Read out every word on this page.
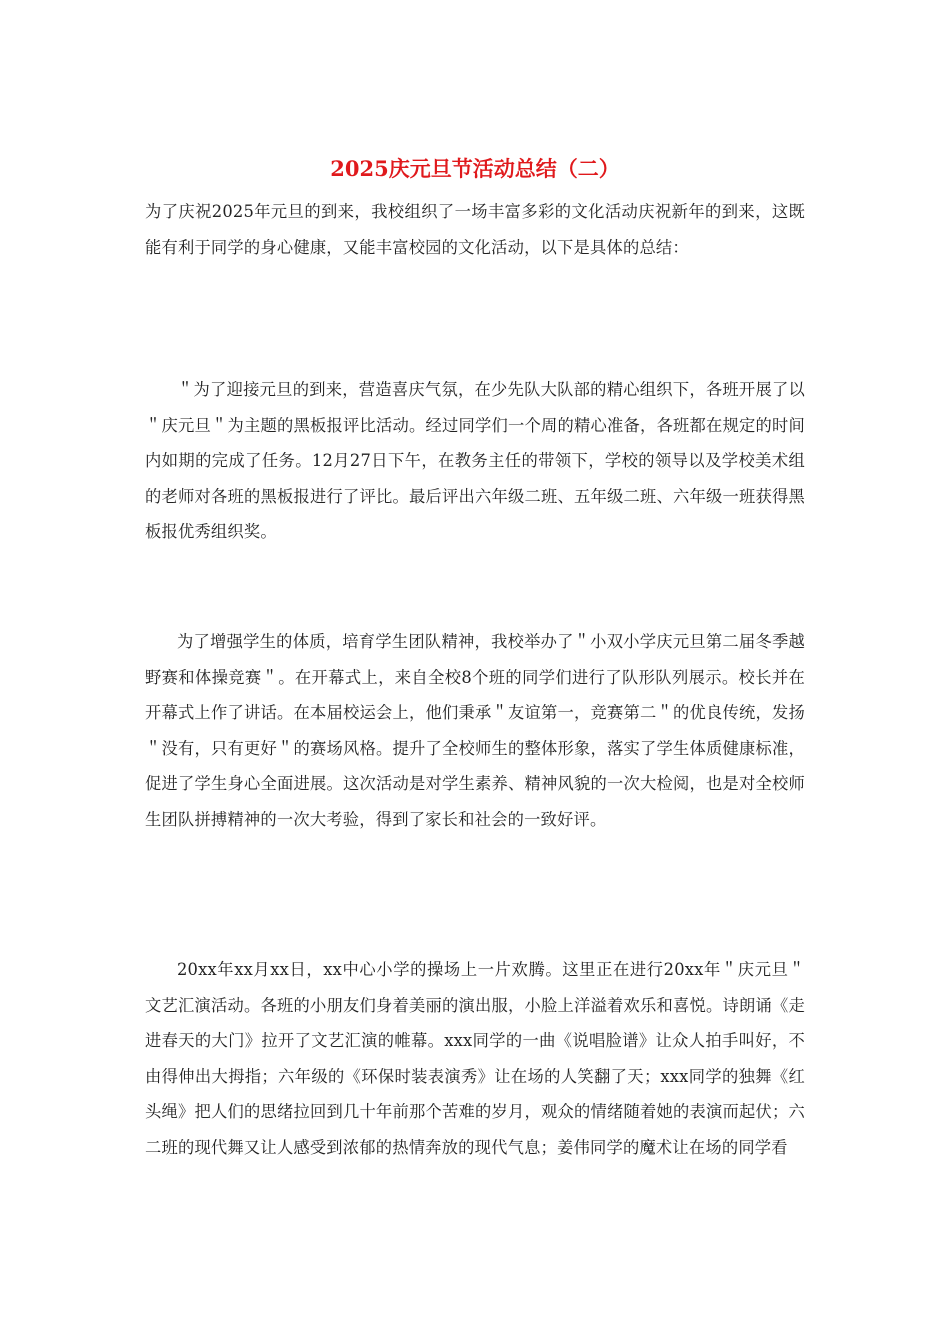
2025庆元旦节活动总结（二）

为了庆祝2025年元旦的到来，我校组织了一场丰富多彩的文化活动庆祝新年的到来，这既能有利于同学的身心健康，又能丰富校园的文化活动，以下是具体的总结：

＂为了迎接元旦的到来，营造喜庆气氛，在少先队大队部的精心组织下，各班开展了以＂庆元旦＂为主题的黑板报评比活动。经过同学们一个周的精心准备，各班都在规定的时间内如期的完成了任务。12月27日下午，在教务主任的带领下，学校的领导以及学校美术组的老师对各班的黑板报进行了评比。最后评出六年级二班、五年级二班、六年级一班获得黑板报优秀组织奖。

为了增强学生的体质，培育学生团队精神，我校举办了＂小双小学庆元旦第二届冬季越野赛和体操竞赛＂。在开幕式上，来自全校8个班的同学们进行了队形队列展示。校长并在开幕式上作了讲话。在本届校运会上，他们秉承＂友谊第一，竞赛第二＂的优良传统，发扬＂没有，只有更好＂的赛场风格。提升了全校师生的整体形象，落实了学生体质健康标准，促进了学生身心全面进展。这次活动是对学生素养、精神风貌的一次大检阅，也是对全校师生团队拼搏精神的一次大考验，得到了家长和社会的一致好评。

20xx年xx月xx日，xx中心小学的操场上一片欢腾。这里正在进行20xx年＂庆元旦＂文艺汇演活动。各班的小朋友们身着美丽的演出服，小脸上洋溢着欢乐和喜悦。诗朗诵《走进春天的大门》拉开了文艺汇演的帷幕。xxx同学的一曲《说唱脸谱》让众人拍手叫好，不由得伸出大拇指；六年级的《环保时装表演秀》让在场的人笑翻了天；xxx同学的独舞《红头绳》把人们的思绪拉回到几十年前那个苦难的岁月，观众的情绪随着她的表演而起伏；六二班的现代舞又让人感受到浓郁的热情奔放的现代气息；姜伟同学的魔术让在场的同学看
